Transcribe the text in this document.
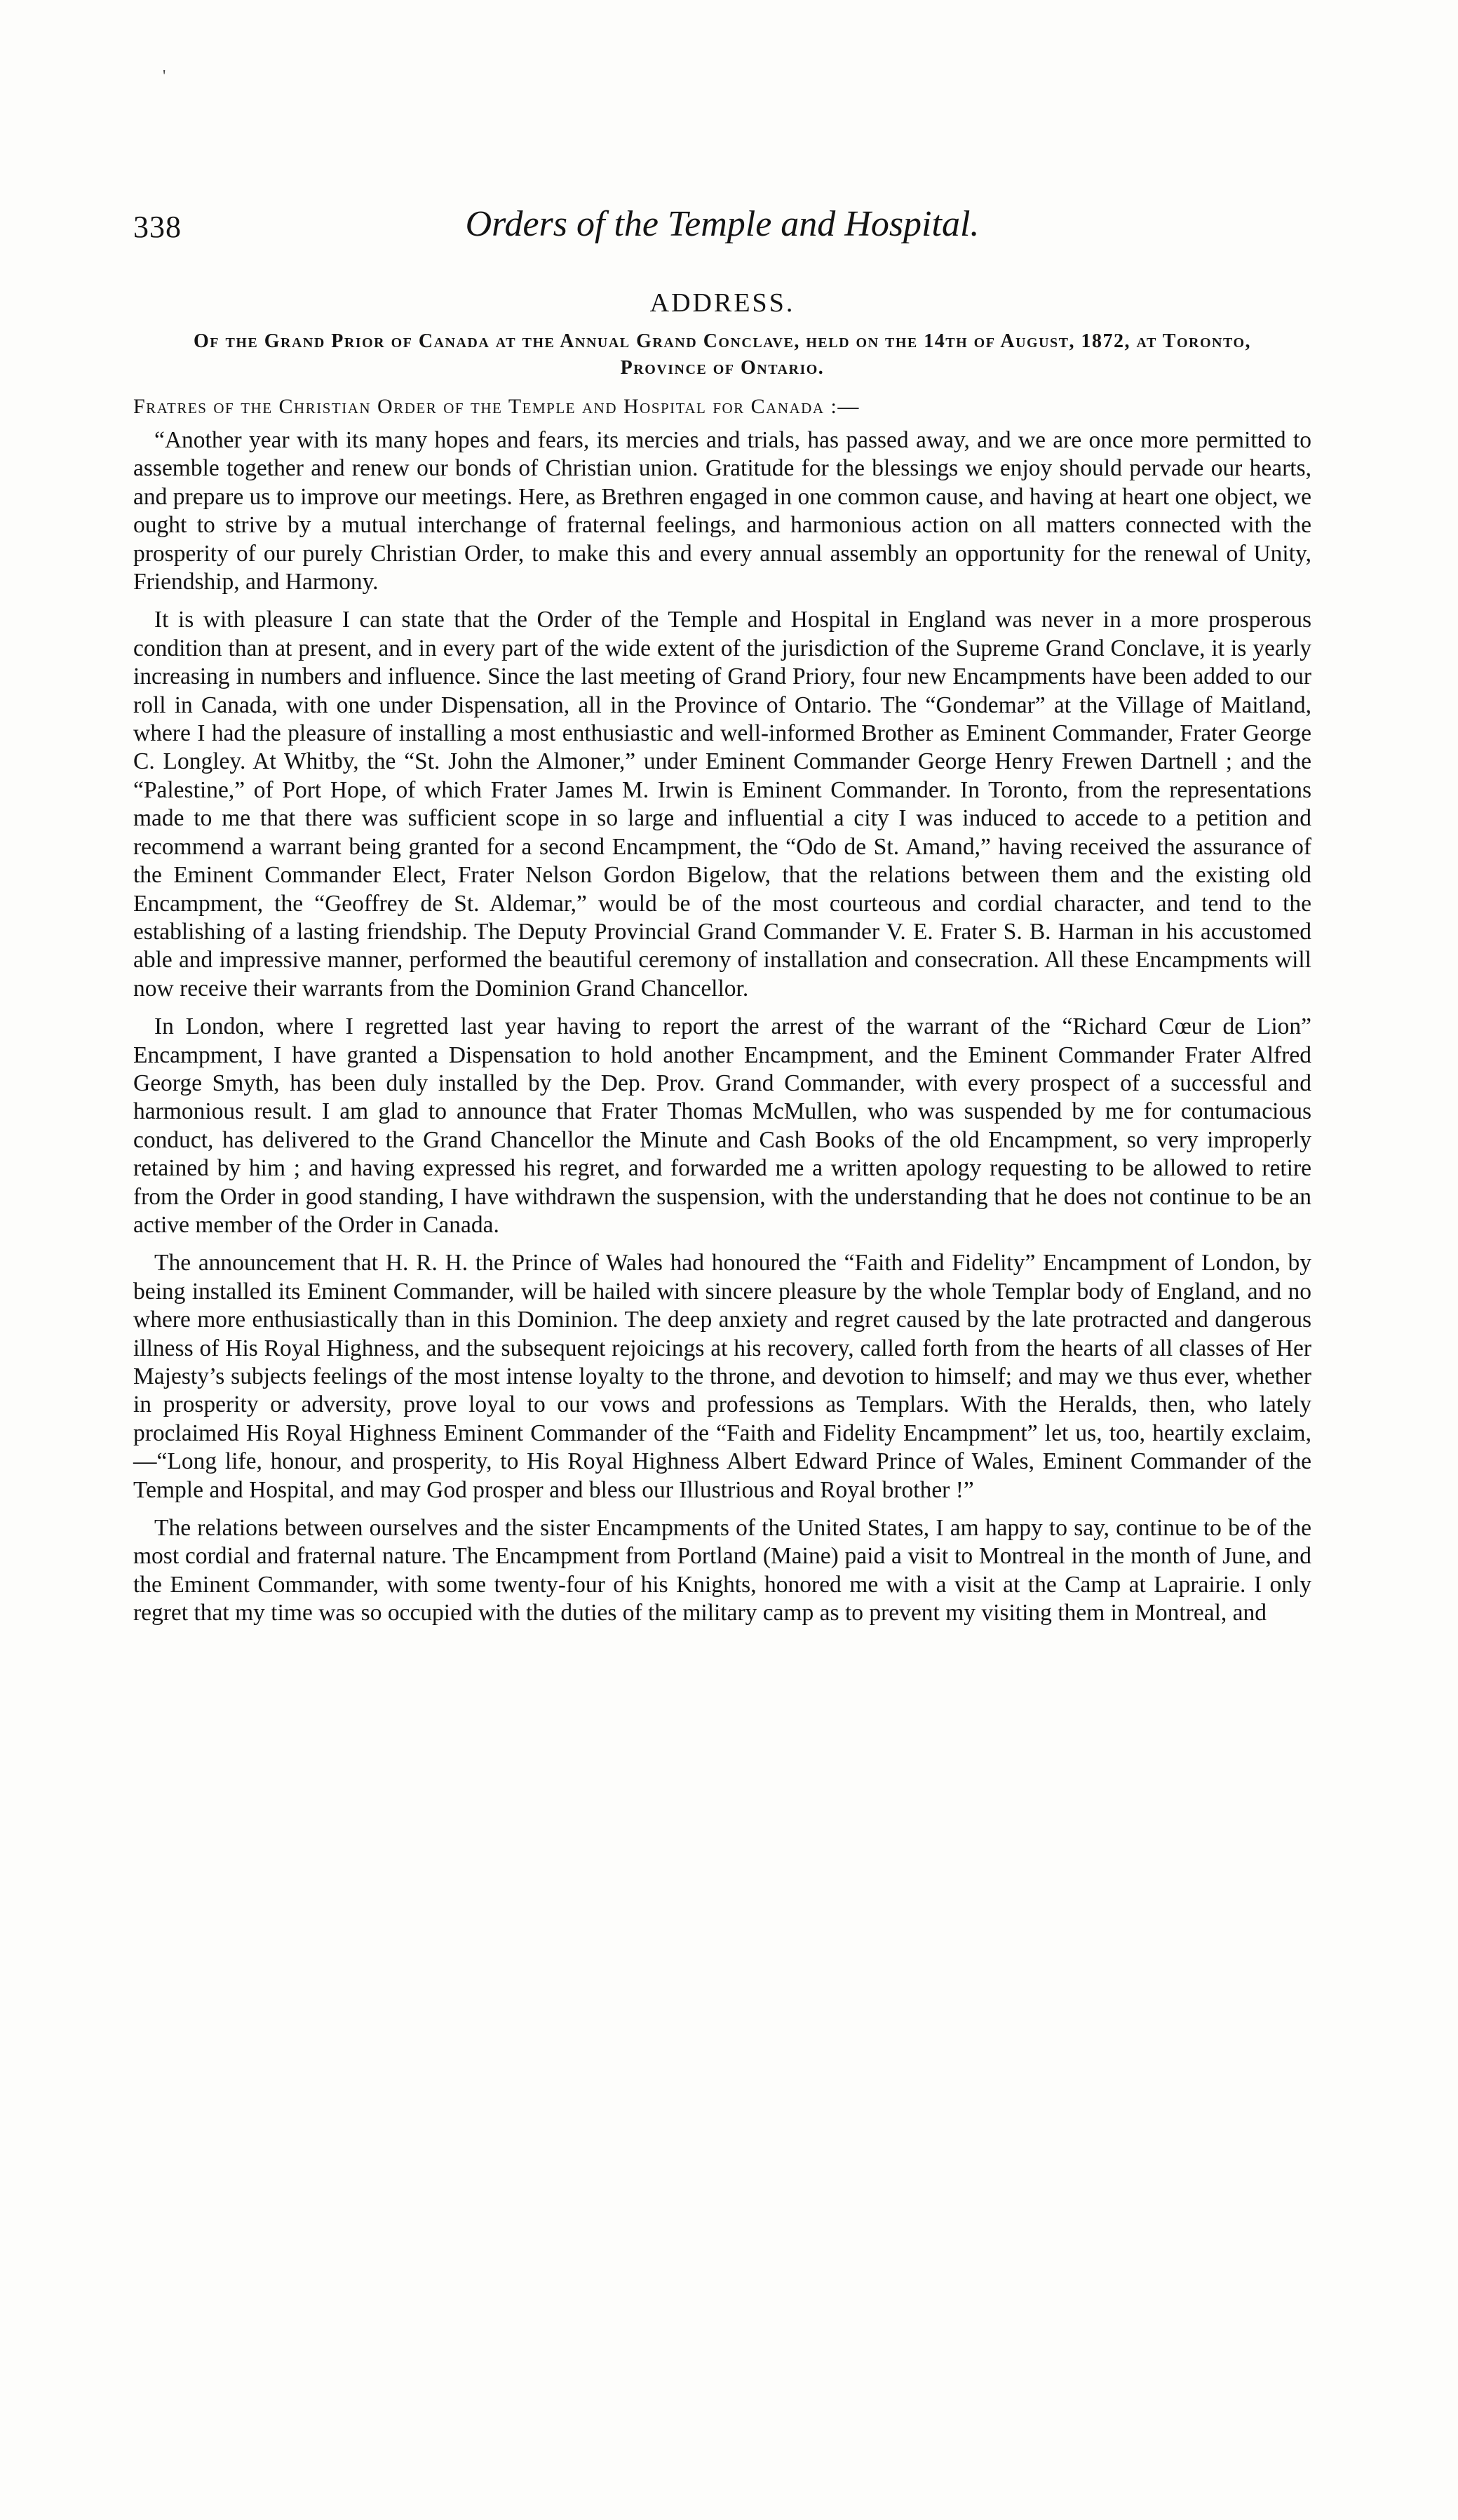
'
338	Orders of the Temple and Hospital.
ADDRESS.
Of the Grand Prior of Canada at the Annual Grand Conclave, held on the 14th of August, 1872, at Toronto, Province of Ontario.
Fratres of the Christian Order of the Temple and Hospital for Canada :—

“Another year with its many hopes and fears, its mercies and trials, has passed away, and we are once more permitted to assemble together and renew our bonds of Christian union. Gratitude for the blessings we enjoy should pervade our hearts, and prepare us to improve our meetings. Here, as Brethren engaged in one common cause, and having at heart one object, we ought to strive by a mutual interchange of fraternal feelings, and harmonious action on all matters connected with the prosperity of our purely Christian Order, to make this and every annual assembly an opportunity for the renewal of Unity, Friendship, and Harmony.

It is with pleasure I can state that the Order of the Temple and Hospital in England was never in a more prosperous condition than at present, and in every part of the wide extent of the jurisdiction of the Supreme Grand Conclave, it is yearly increasing in numbers and influence. Since the last meeting of Grand Priory, four new Encampments have been added to our roll in Canada, with one under Dispensation, all in the Province of Ontario. The “Gondemar” at the Village of Maitland, where I had the pleasure of installing a most enthusiastic and well-informed Brother as Eminent Commander, Frater George C. Longley. At Whitby, the “St. John the Almoner,” under Eminent Commander George Henry Frewen Dartnell ; and the “Palestine,” of Port Hope, of which Frater James M. Irwin is Eminent Commander. In Toronto, from the representations made to me that there was sufficient scope in so large and influential a city I was induced to accede to a petition and recommend a warrant being granted for a second Encampment, the “Odo de St. Amand,” having received the assurance of the Eminent Commander Elect, Frater Nelson Gordon Bigelow, that the relations between them and the existing old Encampment, the “Geoffrey de St. Aldemar,” would be of the most courteous and cordial character, and tend to the establishing of a lasting friendship. The Deputy Provincial Grand Commander V. E. Frater S. B. Harman in his accustomed able and impressive manner, performed the beautiful ceremony of installation and consecration. All these Encampments will now receive their warrants from the Dominion Grand Chancellor.

In London, where I regretted last year having to report the arrest of the warrant of the “Richard Cœur de Lion” Encampment, I have granted a Dispensation to hold another Encampment, and the Eminent Commander Frater Alfred George Smyth, has been duly installed by the Dep. Prov. Grand Commander, with every prospect of a successful and harmonious result. I am glad to announce that Frater Thomas McMullen, who was suspended by me for contumacious conduct, has delivered to the Grand Chancellor the Minute and Cash Books of the old Encampment, so very improperly retained by him ; and having expressed his regret, and forwarded me a written apology requesting to be allowed to retire from the Order in good standing, I have withdrawn the suspension, with the understanding that he does not continue to be an active member of the Order in Canada.

The announcement that H. R. H. the Prince of Wales had honoured the “Faith and Fidelity” Encampment of London, by being installed its Eminent Commander, will be hailed with sincere pleasure by the whole Templar body of England, and no where more enthusiastically than in this Dominion. The deep anxiety and regret caused by the late protracted and dangerous illness of His Royal Highness, and the subsequent rejoicings at his recovery, called forth from the hearts of all classes of Her Majesty’s subjects feelings of the most intense loyalty to the throne, and devotion to himself; and may we thus ever, whether in prosperity or adversity, prove loyal to our vows and professions as Templars. With the Heralds, then, who lately proclaimed His Royal Highness Eminent Commander of the “Faith and Fidelity Encampment” let us, too, heartily exclaim,—“Long life, honour, and prosperity, to His Royal Highness Albert Edward Prince of Wales, Eminent Commander of the Temple and Hospital, and may God prosper and bless our Illustrious and Royal brother !”

The relations between ourselves and the sister Encampments of the United States, I am happy to say, continue to be of the most cordial and fraternal nature. The Encampment from Portland (Maine) paid a visit to Montreal in the month of June, and the Eminent Commander, with some twenty-four of his Knights, honored me with a visit at the Camp at Laprairie. I only regret that my time was so occupied with the duties of the military camp as to prevent my visiting them in Montreal, and
